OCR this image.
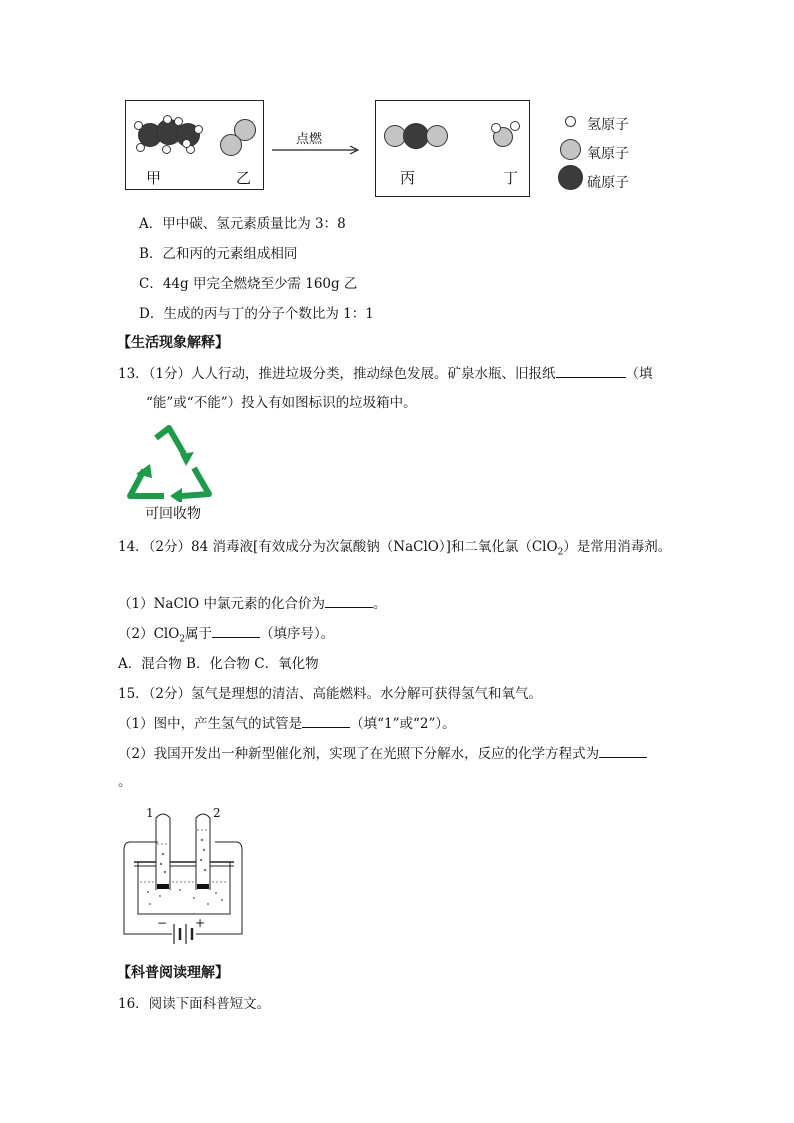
甲	乙
点燃
丙	丁
氢原子
氧原子
硫原子
A．甲中碳、氢元素质量比为 3：8
B．乙和丙的元素组成相同
C．44g 甲完全燃烧至少需 160g 乙
D．生成的丙与丁的分子个数比为 1：1
【生活现象解释】
13．（1分）人人行动，推进垃圾分类，推动绿色发展。矿泉水瓶、旧报纸	（填
“能”或“不能”）投入有如图标识的垃圾箱中。
可回收物
14．（2分）84 消毒液[有效成分为次氯酸钠（NaClO）]和二氧化氯（ClO$_2$）是常用消毒剂。
（1）NaClO 中氯元素的化合价为	。
（2）ClO$_2$属于	（填序号）。
A．混合物 B．化合物 C．氧化物
15．（2分）氢气是理想的清洁、高能燃料。水分解可获得氢气和氧气。
（1）图中，产生氢气的试管是	（填“1”或“2”）。
（2）我国开发出一种新型催化剂，实现了在光照下分解水，反应的化学方程式为
。
1	2
− +
【科普阅读理解】
16．阅读下面科普短文。
